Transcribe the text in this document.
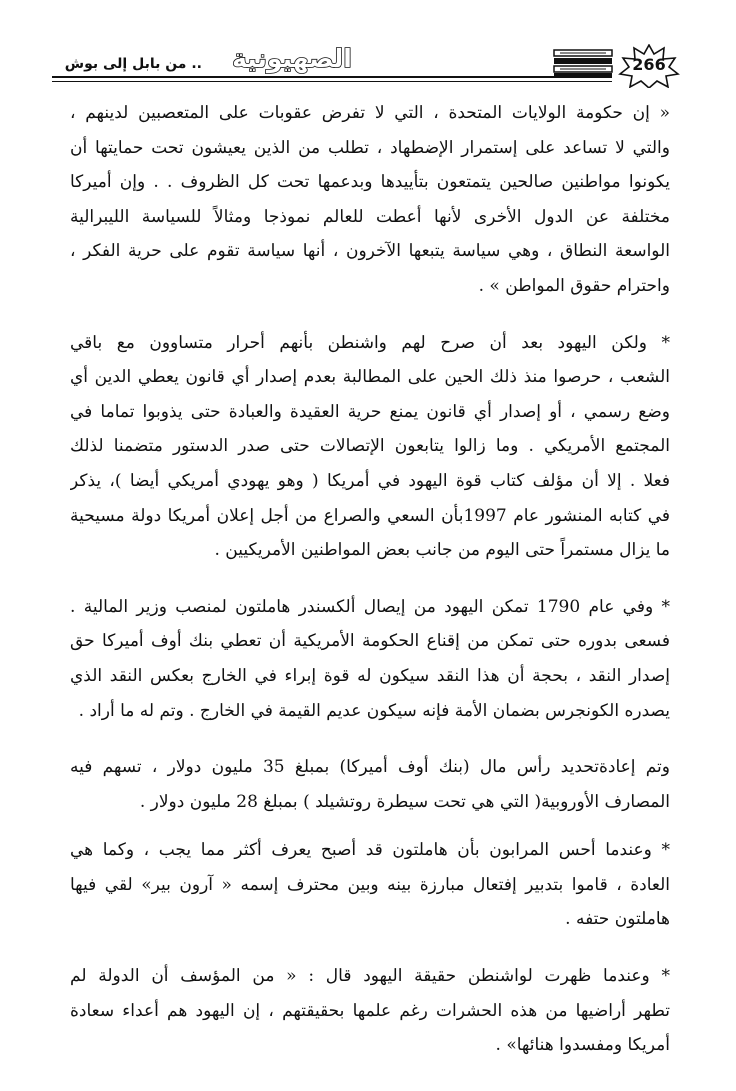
.. من بابل إلى بوش	الصهيونية	266

« إن حكومة الولايات المتحدة ، التي لا تفرض عقوبات على المتعصبين لدينهم ،
والتي لا تساعد على إستمرار الإضطهاد ، تطلب من الذين يعيشون تحت حمايتها أن
يكونوا مواطنين صالحين يتمتعون بتأييدها وبدعمها تحت كل الظروف . . وإن أميركا
مختلفة عن الدول الأخرى لأنها أعطت للعالم نموذجا ومثالاً للسياسة الليبرالية
الواسعة النطاق ، وهي سياسة يتبعها الآخرون ، أنها سياسة تقوم على حرية الفكر ،
واحترام حقوق المواطن » .

* ولكن اليهود بعد أن صرح لهم واشنطن بأنهم أحرار متساوون مع باقي
الشعب ، حرصوا منذ ذلك الحين على المطالبة بعدم إصدار أي قانون يعطي الدين أي
وضع رسمي ، أو إصدار أي قانون يمنع حرية العقيدة والعبادة حتى يذوبوا تماما في
المجتمع الأمريكي . وما زالوا يتابعون الإتصالات حتى صدر الدستور متضمنا لذلك
فعلا . إلا أن مؤلف كتاب قوة اليهود في أمريكا ( وهو يهودي أمريكي أيضا )، يذكر
في كتابه المنشور عام 1997بأن السعي والصراع من أجل إعلان أمريكا دولة مسيحية
ما يزال مستمراً حتى اليوم من جانب بعض المواطنين الأمريكيين .

* وفي عام 1790 تمكن اليهود من إيصال ألكسندر هاملتون لمنصب وزير المالية .
فسعى بدوره حتى تمكن من إقناع الحكومة الأمريكية أن تعطي بنك أوف أميركا حق
إصدار النقد ، بحجة أن هذا النقد سيكون له قوة إبراء في الخارج بعكس النقد الذي
يصدره الكونجرس بضمان الأمة فإنه سيكون عديم القيمة في الخارج . وتم له ما أراد .

وتم إعادةتحديد رأس مال (بنك أوف أميركا) بمبلغ 35 مليون دولار ، تسهم فيه
المصارف الأوروبية( التي هي تحت سيطرة روتشيلد ) بمبلغ 28 مليون دولار .

* وعندما أحس المرابون بأن هاملتون قد أصبح يعرف أكثر مما يجب ، وكما هي
العادة ، قاموا بتدبير إفتعال مبارزة بينه وبين محترف إسمه « آرون بير» لقي فيها
هاملتون حتفه .

* وعندما ظهرت لواشنطن حقيقة اليهود قال : « من المؤسف أن الدولة لم
تطهر أراضيها من هذه الحشرات رغم علمها بحقيقتهم ، إن اليهود هم أعداء سعادة
أمريكا ومفسدوا هنائها» .
